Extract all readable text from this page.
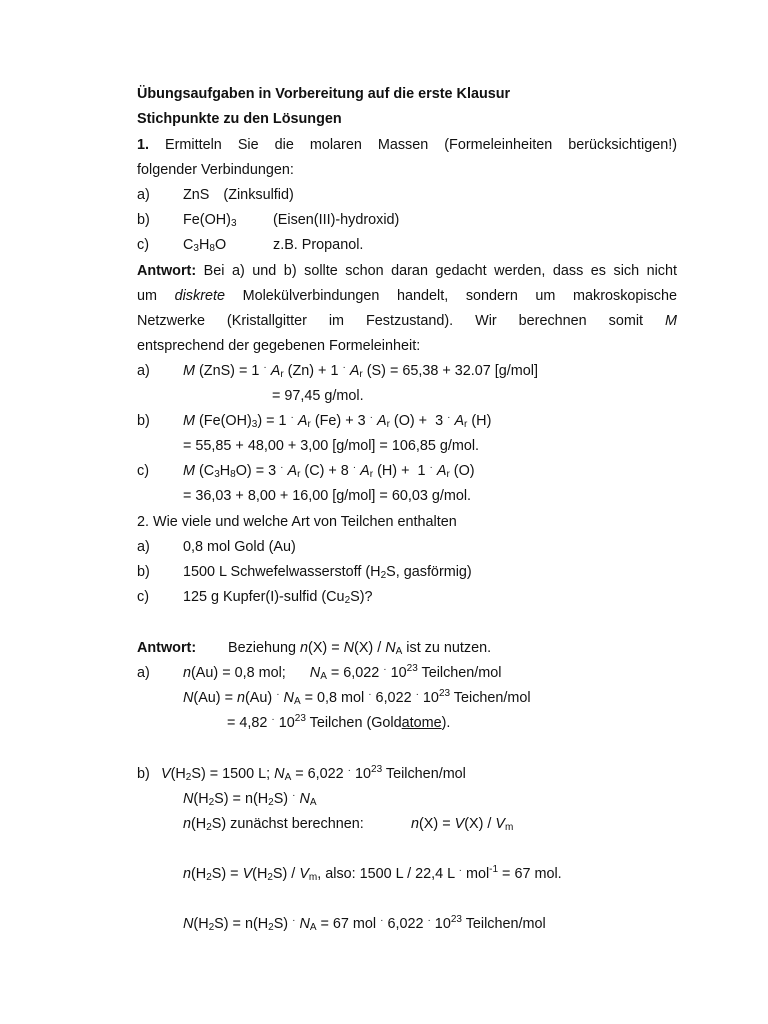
Übungsaufgaben in Vorbereitung auf die erste Klausur
Stichpunkte zu den Lösungen
1. Ermitteln Sie die molaren Massen (Formeleinheiten berücksichtigen!)
folgender Verbindungen:
a) ZnS (Zinksulfid)
b) $Fe(OH)_3$	(Eisen(III)-hydroxid)
c) $C_3H_8O$	z.B. Propanol.
Antwort: Bei a) und b) sollte schon daran gedacht werden, dass es sich nicht
um diskrete Molekülverbindungen handelt, sondern um makroskopische
Netzwerke (Kristallgitter im Festzustand). Wir berechnen somit M
entsprechend der gegebenen Formeleinheit:
a) M (ZnS) = 1 · $A_r$ (Zn) + 1 · $A_r$ (S) = 65,38 + 32.07 [g/mol]
= 97,45 g/mol.
b) M $(Fe(OH)_3) = 1$ · $A_r$ (Fe) + 3 · $A_r$ (O) +  3 · $A_r$ (H)
= 55,85 + 48,00 + 3,00 [g/mol] = 106,85 g/mol.
c) M $(C_3H_8O) = 3$ · $A_r$ (C) + 8 · $A_r$ (H) +  1 · $A_r$ (O)
= 36,03 + 8,00 + 16,00 [g/mol] = 60,03 g/mol.
2. Wie viele und welche Art von Teilchen enthalten
a) 0,8 mol Gold (Au)
b) 1500 L Schwefelwasserstoff ($H_2S$, gasförmig)
c) 125 g Kupfer(I)-sulfid $(Cu_2S)$?
Antwort: Beziehung $n(X) = N(X) / N_A$ ist zu nutzen.
a) n(Au) = 0,8 mol;      $N_A = 6,022$ · $10^{23}$ Teilchen/mol
N(Au) = n(Au) · $N_A = 0,8$ mol · 6,022 · $10^{23}$ Teichen/mol
= 4,82 · $10^{23}$ Teilchen (Goldatome).
b) $V(H_2S) = 1500$ L; $N_A = 6,022$ · $10^{23}$ Teilchen/mol
$N(H_2S) = n(H_2S)$ · $N_A$
$n(H_2S)$ zunächst berechnen:	$n(X) = V(X) / V_m$
$n(H_2S) = V(H_2S) / V_m$, also: 1500 L / 22,4 L · mol$^{-1}$ = 67 mol.
$N(H_2S) = n(H_2S)$ · $N_A = 67$ mol · 6,022 · $10^{23}$ Teilchen/mol
